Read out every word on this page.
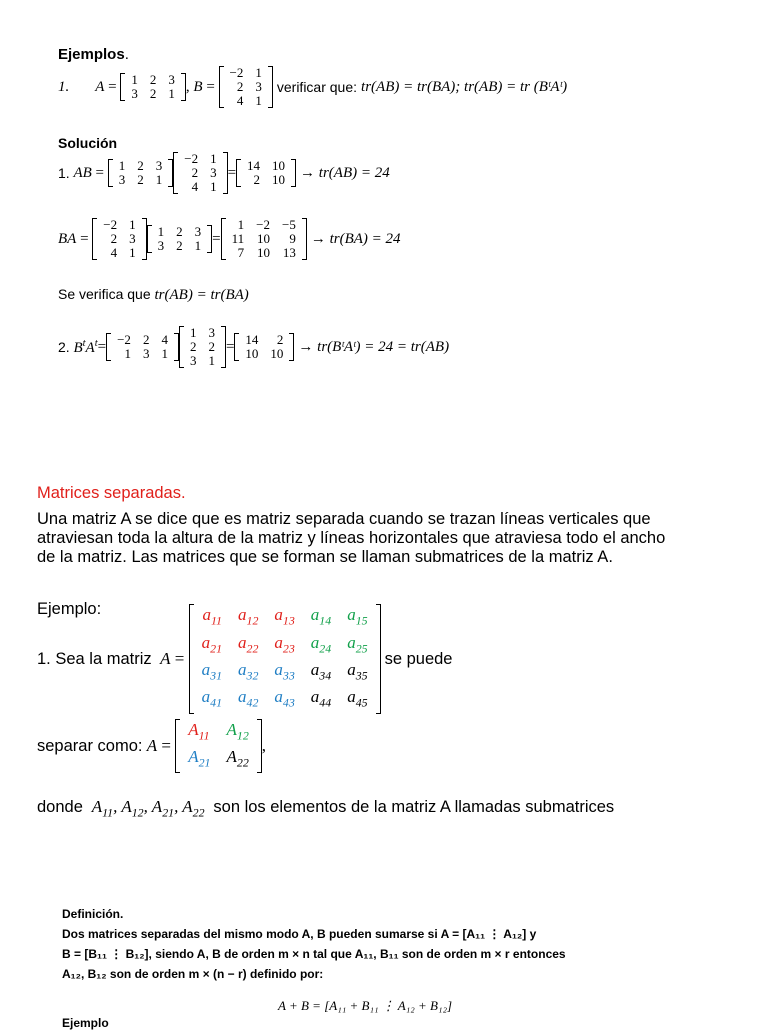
Ejemplos.
1. A = 1	2	3
3	2	1 , B =
−2	1
2	3
4	1
verificar que: tr(AB) = tr(BA); tr(AB) = tr (BᵗAᵗ)
Solución
1. AB = 1	2	3
3	2	1
−2	1
2	3
4	1
= 14	10
2	10 → tr(AB) = 24
BA =
−2	1
2	3
4	1
1	2	3
3	2	1 =
1	−2	−5
11	10	9
7	10	13
→ tr(BA) = 24
Se verifica que tr(AB) = tr(BA)
2. $B^tA^t = -2$	2	4
1	3	1
1	3
2	2
3	1
= 14	2
10	10 → tr(BᵗAᵗ) = 24 = tr(AB)
Matrices separadas.
Una matriz A se dice que es matriz separada cuando se trazan líneas verticales que
atraviesan toda la altura de la matriz y líneas horizontales que atraviesa todo el ancho
de la matriz. Las matrices que se forman se llaman submatrices de la matriz A.
Ejemplo:
1. Sea la matriz A =
$a_{11}$	$a_{12}$	$a_{13}$	$a_{14}$	$a_{15}$
$a_{21}$	$a_{22}$	$a_{23}$	$a_{24}$	$a_{25}$
$a_{31}$	$a_{32}$	$a_{33}$	$a_{34}$	$a_{35}$
$a_{41}$	$a_{42}$	$a_{43}$	$a_{44}$	$a_{45}$
se puede
separar como: A =
$A_{11}$	$A_{12}$
$A_{21}$	$A_{22}$
,
donde  $A_{11}$, $A_{12}$, $A_{21}$, $A_{22}$ son los elementos de la matriz A llamadas submatrices
Definición.
Dos matrices separadas del mismo modo A, B pueden sumarse si A = [A₁₁ ⋮ A₁₂] y
B = [B₁₁ ⋮ B₁₂], siendo A, B de orden m × n tal que A₁₁, B₁₁ son de orden m × r entonces
A₁₂, B₁₂ son de orden m × (n − r) definido por:
A + B = [A₁₁ + B₁₁ ⋮ A₁₂ + B₁₂]
Ejemplo
